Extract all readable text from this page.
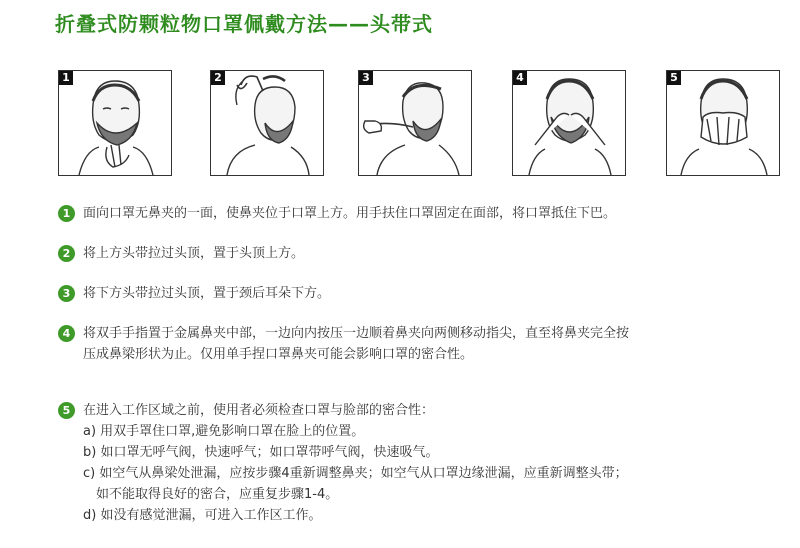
折叠式防颗粒物口罩佩戴方法——头带式
1	2	3	4	5
1 面向口罩无鼻夹的一面，使鼻夹位于口罩上方。用手扶住口罩固定在面部，将口罩抵住下巴。
2 将上方头带拉过头顶，置于头顶上方。
3 将下方头带拉过头顶，置于颈后耳朵下方。
4 将双手手指置于金属鼻夹中部，一边向内按压一边顺着鼻夹向两侧移动指尖，直至将鼻夹完全按
压成鼻梁形状为止。仅用单手捏口罩鼻夹可能会影响口罩的密合性。
5 在进入工作区域之前，使用者必须检查口罩与脸部的密合性：
a) 用双手罩住口罩,避免影响口罩在脸上的位置。
b) 如口罩无呼气阀，快速呼气；如口罩带呼气阀，快速吸气。
c) 如空气从鼻梁处泄漏，应按步骤4重新调整鼻夹；如空气从口罩边缘泄漏，应重新调整头带；
如不能取得良好的密合，应重复步骤1-4。
d) 如没有感觉泄漏，可进入工作区工作。
